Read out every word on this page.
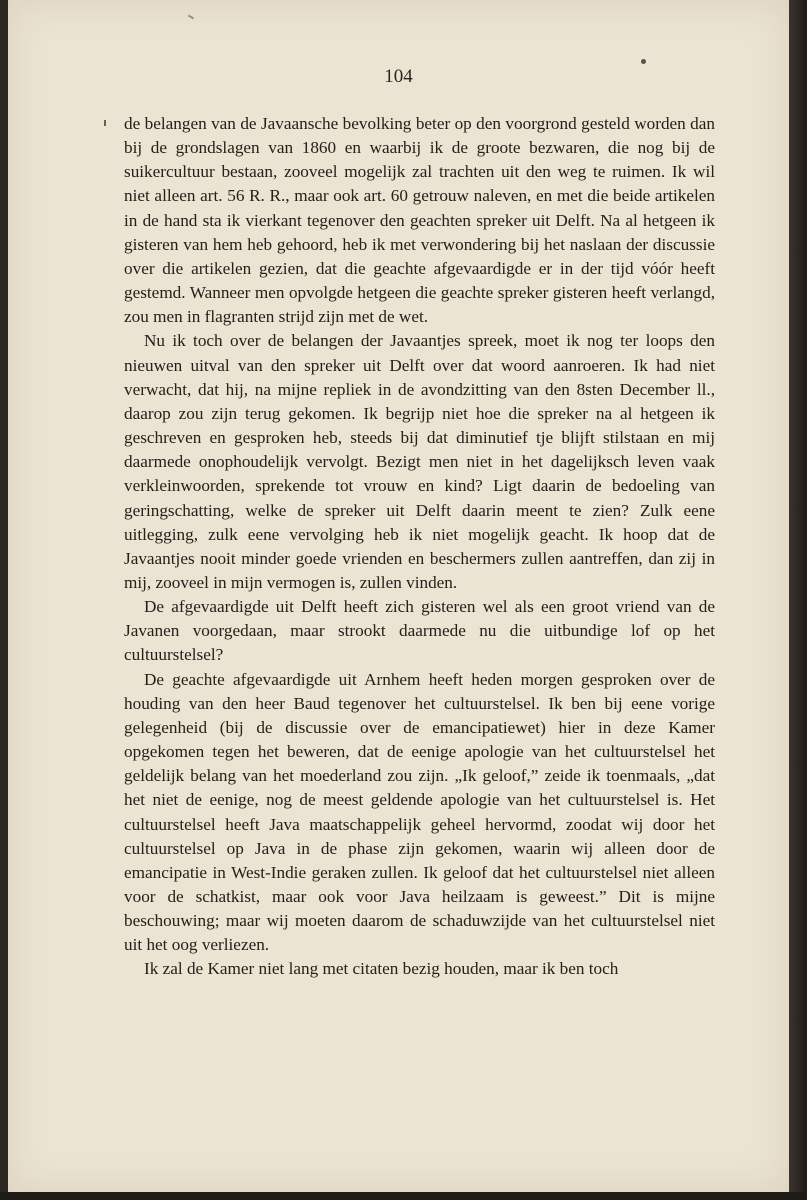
104

de belangen van de Javaansche bevolking beter op den voorgrond gesteld worden dan bij de grondslagen van 1860 en waarbij ik de groote bezwaren, die nog bij de suikercultuur bestaan, zooveel mogelijk zal trachten uit den weg te ruimen. Ik wil niet alleen art. 56 R. R., maar ook art. 60 getrouw naleven, en met die beide artikelen in de hand sta ik vierkant tegenover den geachten spreker uit Delft. Na al hetgeen ik gisteren van hem heb gehoord, heb ik met verwondering bij het naslaan der discussie over die artikelen gezien, dat die geachte afgevaardigde er in der tijd vóór heeft gestemd. Wanneer men opvolgde hetgeen die geachte spreker gisteren heeft verlangd, zou men in flagranten strijd zijn met de wet.

Nu ik toch over de belangen der Javaantjes spreek, moet ik nog ter loops den nieuwen uitval van den spreker uit Delft over dat woord aanroeren. Ik had niet verwacht, dat hij, na mijne repliek in de avondzitting van den 8sten December ll., daarop zou zijn terug gekomen. Ik begrijp niet hoe die spreker na al hetgeen ik geschreven en gesproken heb, steeds bij dat diminutief tje blijft stilstaan en mij daarmede onophoudelijk vervolgt. Bezigt men niet in het dagelijksch leven vaak verkleinwoorden, sprekende tot vrouw en kind? Ligt daarin de bedoeling van geringschatting, welke de spreker uit Delft daarin meent te zien? Zulk eene uitlegging, zulk eene vervolging heb ik niet mogelijk geacht. Ik hoop dat de Javaantjes nooit minder goede vrienden en beschermers zullen aantreffen, dan zij in mij, zooveel in mijn vermogen is, zullen vinden.

De afgevaardigde uit Delft heeft zich gisteren wel als een groot vriend van de Javanen voorgedaan, maar strookt daarmede nu die uitbundige lof op het cultuurstelsel?

De geachte afgevaardigde uit Arnhem heeft heden morgen gesproken over de houding van den heer Baud tegenover het cultuurstelsel. Ik ben bij eene vorige gelegenheid (bij de discussie over de emancipatiewet) hier in deze Kamer opgekomen tegen het beweren, dat de eenige apologie van het cultuurstelsel het geldelijk belang van het moederland zou zijn. „Ik geloof,” zeide ik toenmaals, „dat het niet de eenige, nog de meest geldende apologie van het cultuurstelsel is. Het cultuurstelsel heeft Java maatschappelijk geheel hervormd, zoodat wij door het cultuurstelsel op Java in de phase zijn gekomen, waarin wij alleen door de emancipatie in West-Indie geraken zullen. Ik geloof dat het cultuurstelsel niet alleen voor de schatkist, maar ook voor Java heilzaam is geweest.” Dit is mijne beschouwing; maar wij moeten daarom de schaduwzijde van het cultuurstelsel niet uit het oog verliezen.

Ik zal de Kamer niet lang met citaten bezig houden, maar ik ben toch
